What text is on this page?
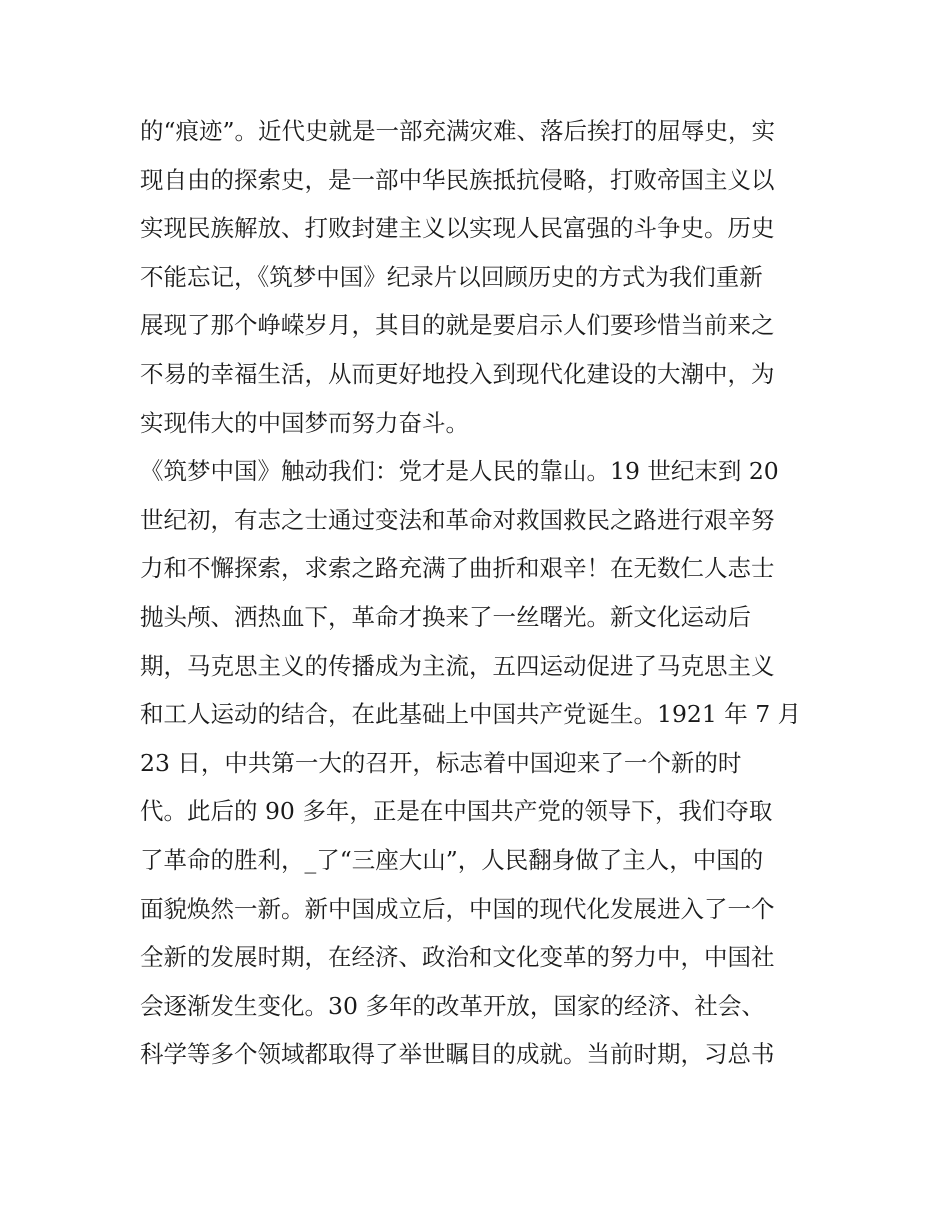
的“痕迹”。近代史就是一部充满灾难、落后挨打的屈辱史，实
现自由的探索史，是一部中华民族抵抗侵略，打败帝国主义以
实现民族解放、打败封建主义以实现人民富强的斗争史。历史
不能忘记，《筑梦中国》纪录片以回顾历史的方式为我们重新
展现了那个峥嵘岁月，其目的就是要启示人们要珍惜当前来之
不易的幸福生活，从而更好地投入到现代化建设的大潮中，为
实现伟大的中国梦而努力奋斗。
《筑梦中国》触动我们：党才是人民的靠山。19 世纪末到 20
世纪初，有志之士通过变法和革命对救国救民之路进行艰辛努
力和不懈探索，求索之路充满了曲折和艰辛！在无数仁人志士
抛头颅、洒热血下，革命才换来了一丝曙光。新文化运动后
期，马克思主义的传播成为主流，五四运动促进了马克思主义
和工人运动的结合，在此基础上中国共产党诞生。1921 年 7 月
23 日，中共第一大的召开，标志着中国迎来了一个新的时
代。此后的 90 多年，正是在中国共产党的领导下，我们夺取
了革命的胜利，_了“三座大山”，人民翻身做了主人，中国的
面貌焕然一新。新中国成立后，中国的现代化发展进入了一个
全新的发展时期，在经济、政治和文化变革的努力中，中国社
会逐渐发生变化。30 多年的改革开放，国家的经济、社会、
科学等多个领域都取得了举世瞩目的成就。当前时期，习总书
